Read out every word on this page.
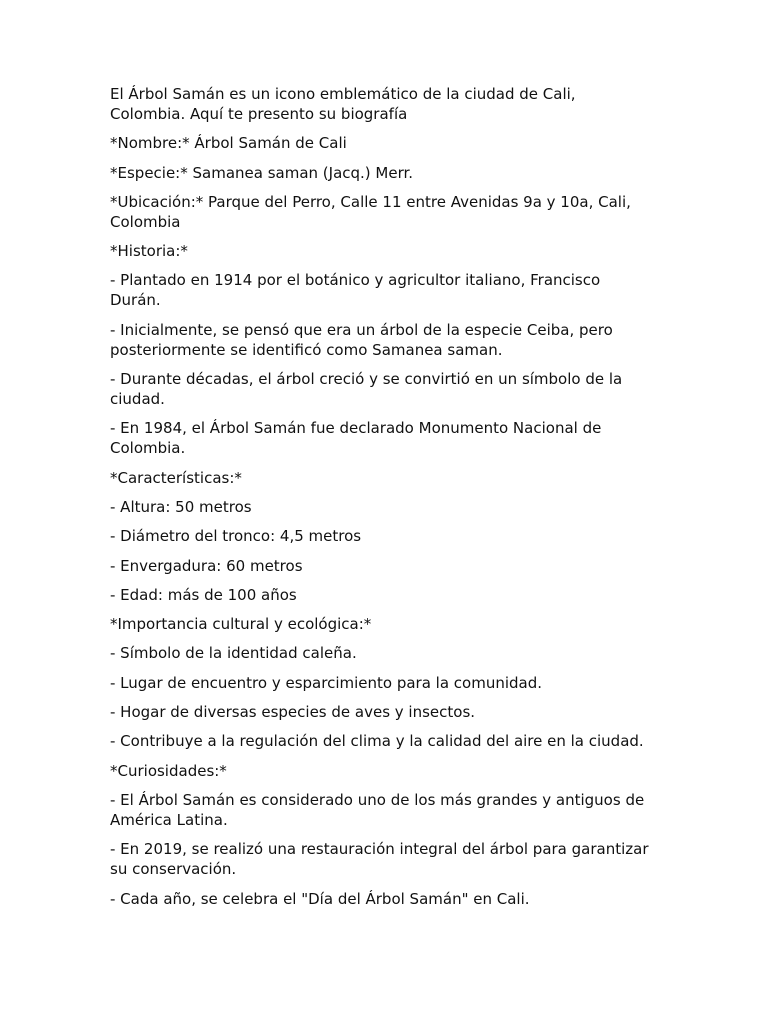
El Árbol Samán es un icono emblemático de la ciudad de Cali, Colombia. Aquí te presento su biografía

*Nombre:* Árbol Samán de Cali

*Especie:* Samanea saman (Jacq.) Merr.

*Ubicación:* Parque del Perro, Calle 11 entre Avenidas 9a y 10a, Cali, Colombia

*Historia:*

- Plantado en 1914 por el botánico y agricultor italiano, Francisco Durán.

- Inicialmente, se pensó que era un árbol de la especie Ceiba, pero posteriormente se identificó como Samanea saman.

- Durante décadas, el árbol creció y se convirtió en un símbolo de la ciudad.

- En 1984, el Árbol Samán fue declarado Monumento Nacional de Colombia.

*Características:*

- Altura: 50 metros

- Diámetro del tronco: 4,5 metros

- Envergadura: 60 metros

- Edad: más de 100 años

*Importancia cultural y ecológica:*

- Símbolo de la identidad caleña.

- Lugar de encuentro y esparcimiento para la comunidad.

- Hogar de diversas especies de aves y insectos.

- Contribuye a la regulación del clima y la calidad del aire en la ciudad.

*Curiosidades:*

- El Árbol Samán es considerado uno de los más grandes y antiguos de América Latina.

- En 2019, se realizó una restauración integral del árbol para garantizar su conservación.

- Cada año, se celebra el "Día del Árbol Samán" en Cali.
